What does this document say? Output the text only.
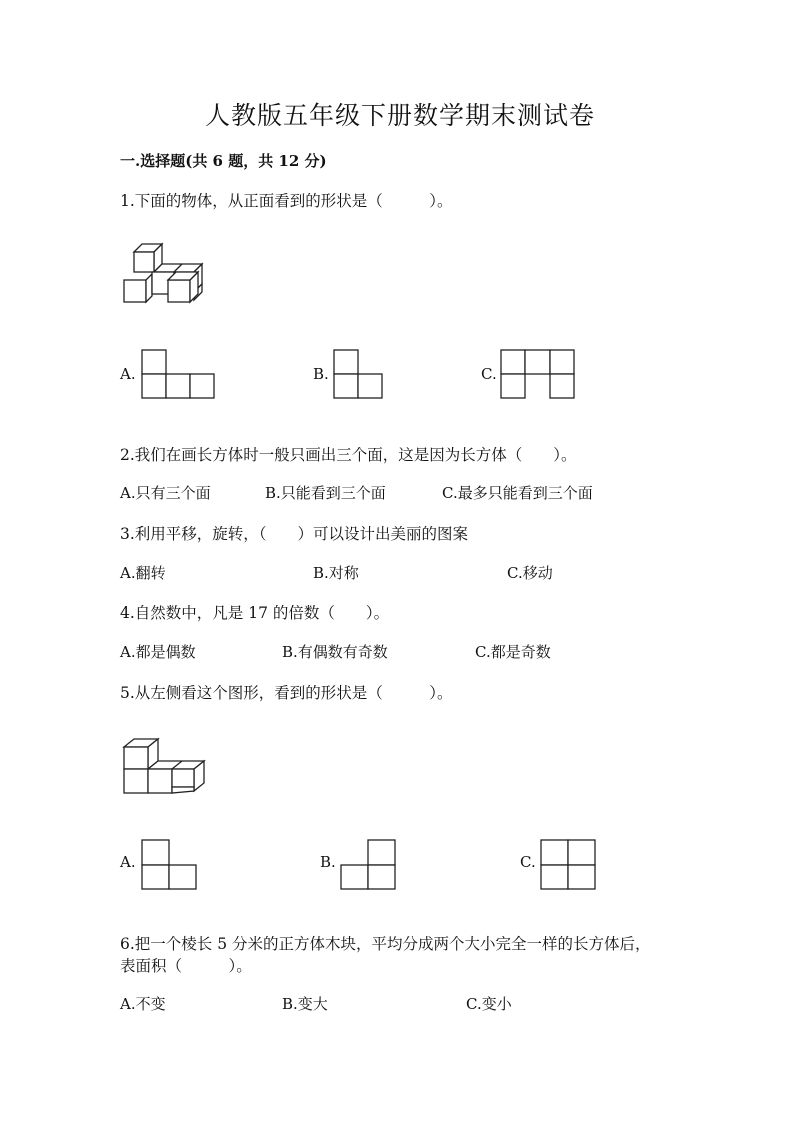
人教版五年级下册数学期末测试卷
一.选择题(共 6 题，共 12 分)
1.下面的物体，从正面看到的形状是（　　　）。
A.	B.	C.
2.我们在画长方体时一般只画出三个面，这是因为长方体（　　）。
A.只有三个面	B.只能看到三个面	C.最多只能看到三个面
3.利用平移，旋转，（　　）可以设计出美丽的图案
A.翻转	B.对称	C.移动
4.自然数中，凡是 17 的倍数（　　）。
A.都是偶数	B.有偶数有奇数	C.都是奇数
5.从左侧看这个图形，看到的形状是（　　　）。
A.	B.	C.
6.把一个棱长 5 分米的正方体木块，平均分成两个大小完全一样的长方体后，
表面积（　　　）。
A.不变	B.变大	C.变小
